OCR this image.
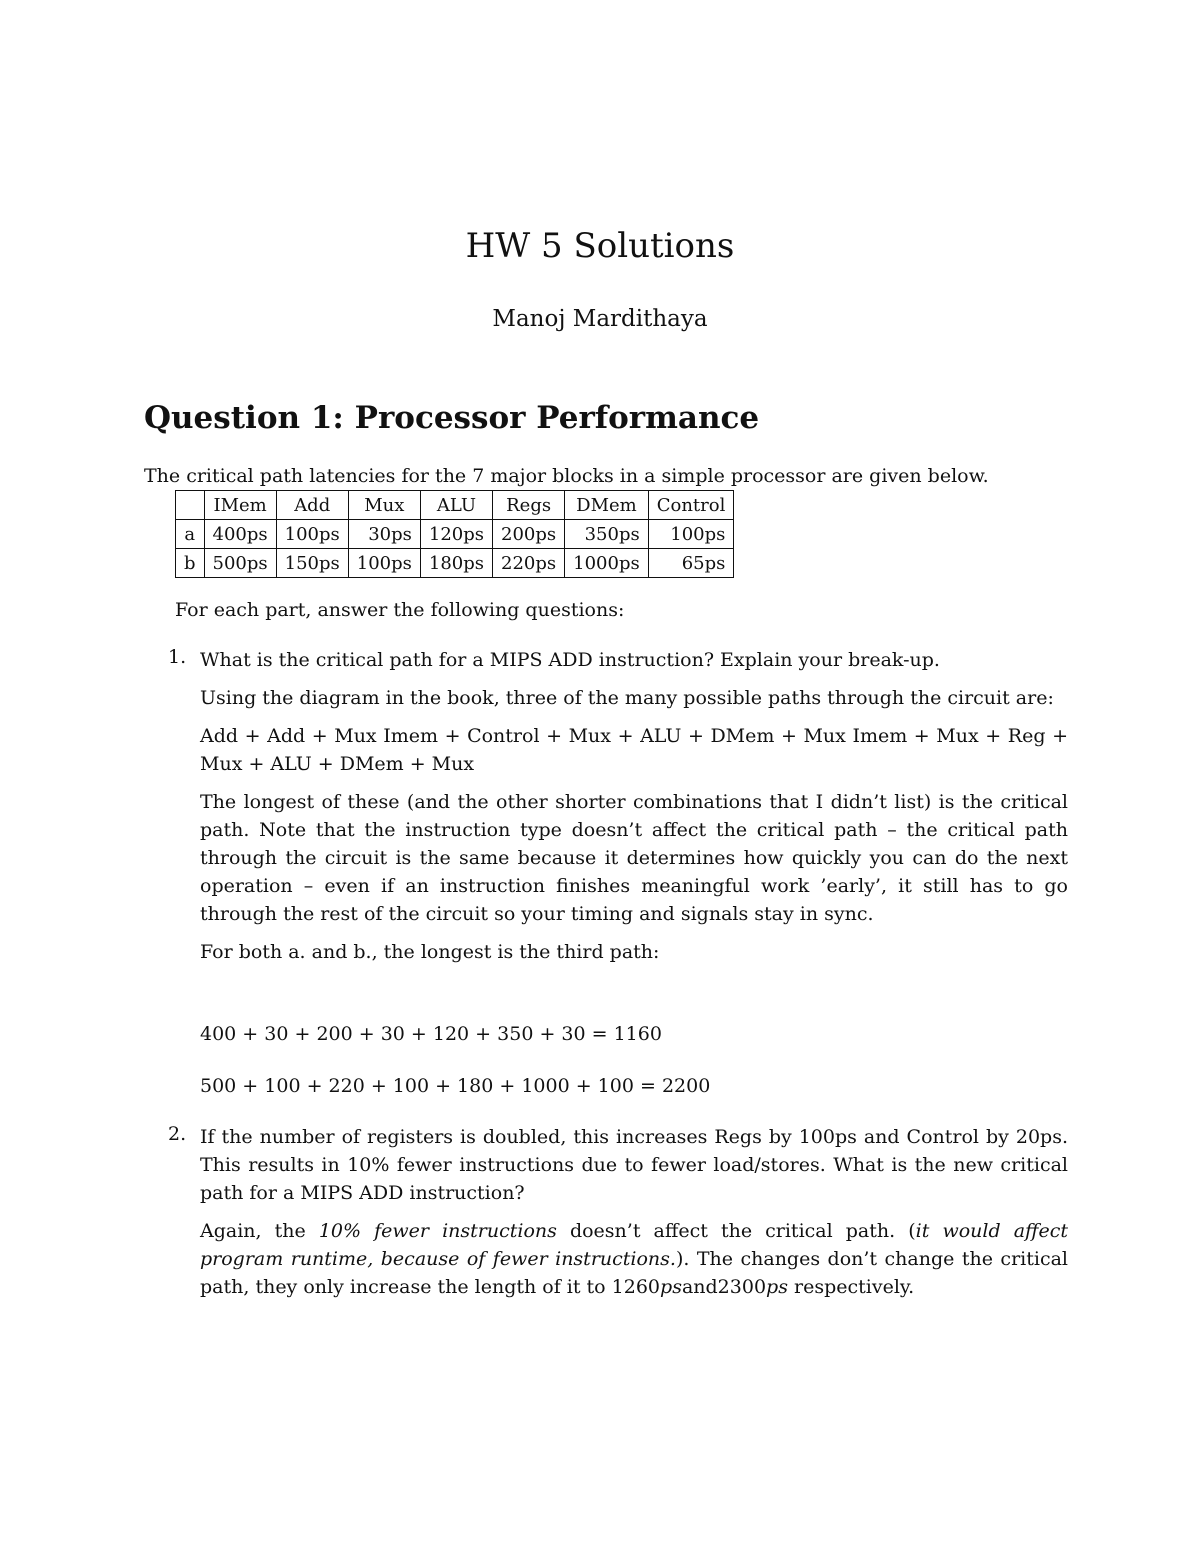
HW 5 Solutions
Manoj Mardithaya
Question 1: Processor Performance

The critical path latencies for the 7 major blocks in a simple processor are given below.

	IMem	Add	Mux	ALU	Regs	DMem	Control
a	400ps	100ps	30ps	120ps	200ps	350ps	100ps
b	500ps	150ps	100ps	180ps	220ps	1000ps	65ps

For each part, answer the following questions:

1. What is the critical path for a MIPS ADD instruction? Explain your break-up.

Using the diagram in the book, three of the many possible paths through the circuit are:

Add + Add + Mux Imem + Control + Mux + ALU + DMem + Mux Imem + Mux + Reg + Mux + ALU + DMem + Mux

The longest of these (and the other shorter combinations that I didn’t list) is the critical path. Note that the instruction type doesn’t affect the critical path – the critical path through the circuit is the same because it determines how quickly you can do the next operation – even if an instruction finishes meaningful work ’early’, it still has to go through the rest of the circuit so your timing and signals stay in sync.

For both a. and b., the longest is the third path:

400 + 30 + 200 + 30 + 120 + 350 + 30 = 1160

500 + 100 + 220 + 100 + 180 + 1000 + 100 = 2200

2. If the number of registers is doubled, this increases Regs by 100ps and Control by 20ps. This results in 10% fewer instructions due to fewer load/stores. What is the new critical path for a MIPS ADD instruction?

Again, the 10% fewer instructions doesn’t affect the critical path. (it would affect program runtime, because of fewer instructions.). The changes don’t change the critical path, they only increase the length of it to 1260psand2300ps respectively.
